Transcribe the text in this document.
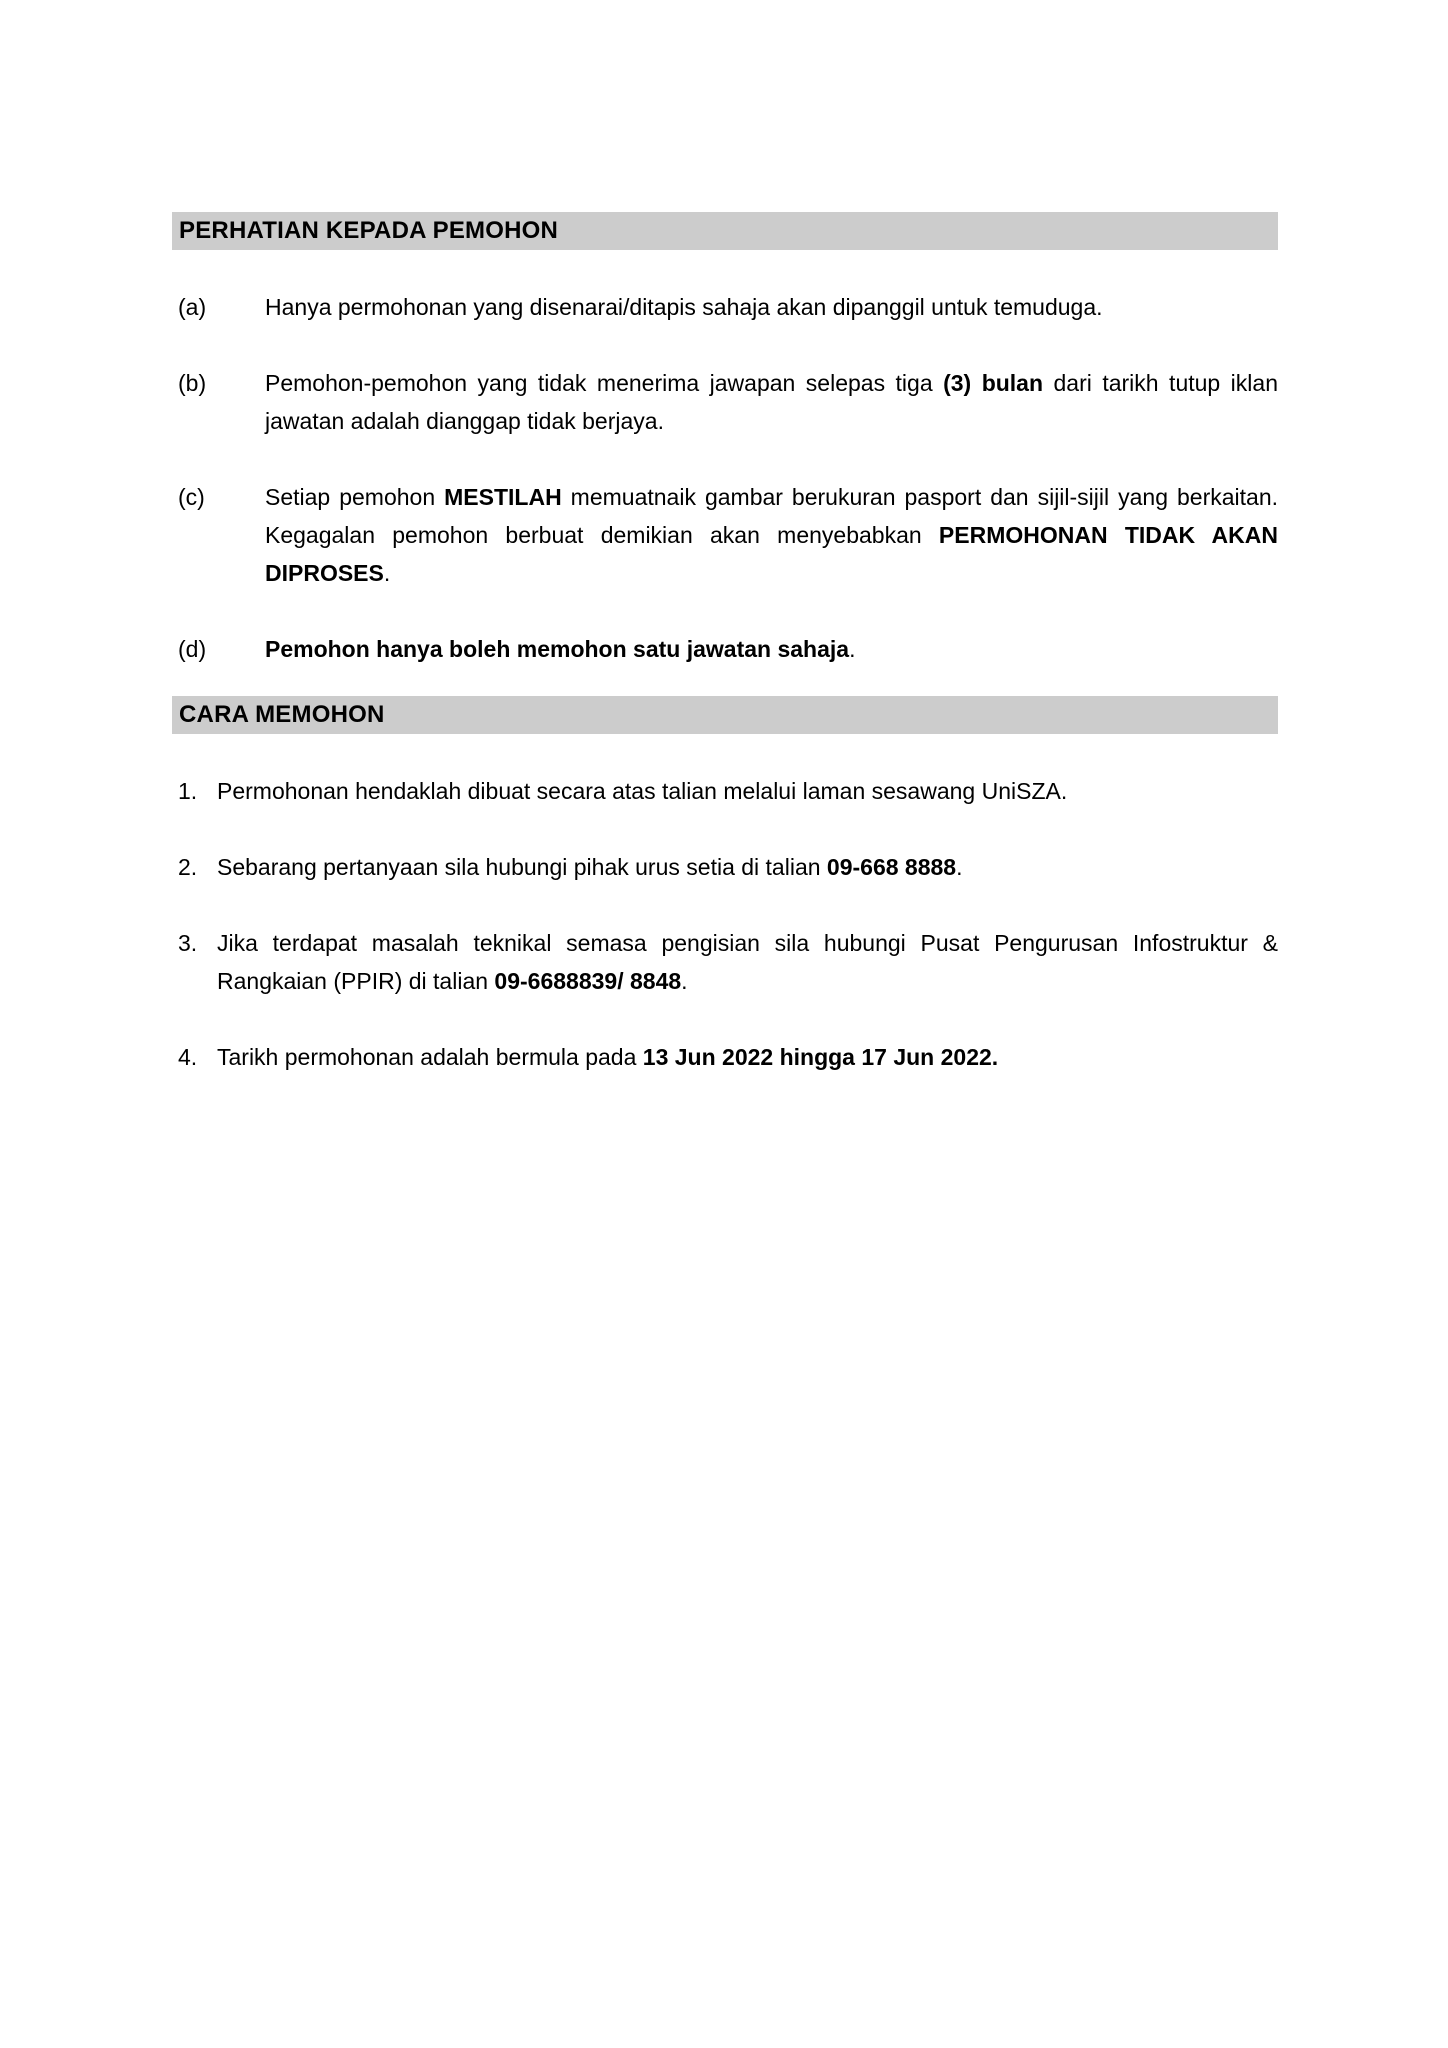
PERHATIAN KEPADA PEMOHON
(a)	Hanya permohonan yang disenarai/ditapis sahaja akan dipanggil untuk temuduga.

(b)	Pemohon-pemohon yang tidak menerima jawapan selepas tiga (3) bulan dari tarikh tutup iklan jawatan adalah dianggap tidak berjaya.

(c)	Setiap pemohon MESTILAH memuatnaik gambar berukuran pasport dan sijil-sijil yang berkaitan. Kegagalan pemohon berbuat demikian akan menyebabkan PERMOHONAN TIDAK AKAN DIPROSES.

(d)	Pemohon hanya boleh memohon satu jawatan sahaja.

CARA MEMOHON
1. Permohonan hendaklah dibuat secara atas talian melalui laman sesawang UniSZA.

2. Sebarang pertanyaan sila hubungi pihak urus setia di talian 09-668 8888.

3. Jika terdapat masalah teknikal semasa pengisian sila hubungi Pusat Pengurusan Infostruktur & Rangkaian (PPIR) di talian 09-6688839/ 8848.

4. Tarikh permohonan adalah bermula pada 13 Jun 2022 hingga 17 Jun 2022.
